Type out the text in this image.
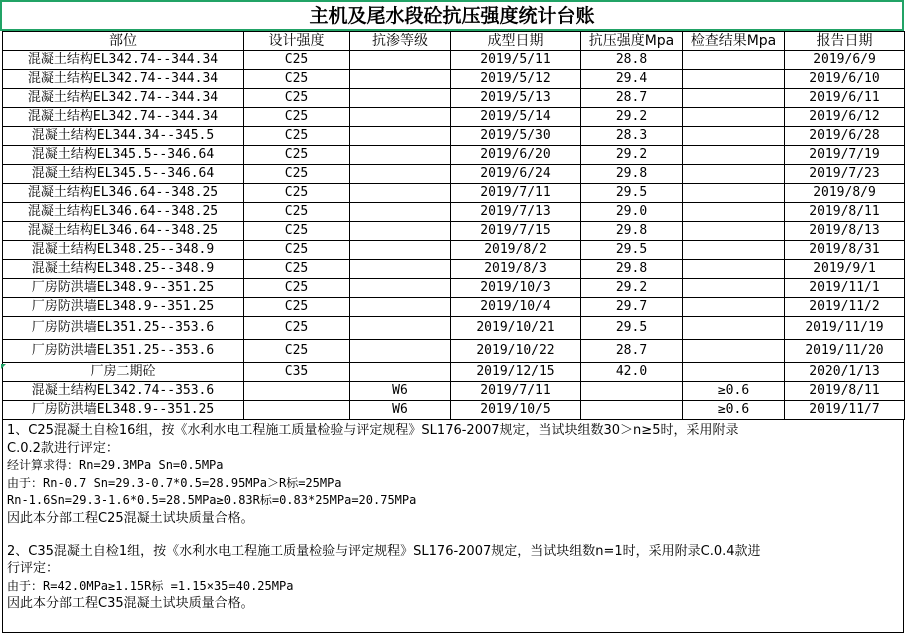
主机及尾水段砼抗压强度统计台账
部位	设计强度	抗渗等级	成型日期	抗压强度Mpa	检查结果Mpa	报告日期
混凝土结构EL342.74--344.34	C25		2019/5/11	28.8		2019/6/9
混凝土结构EL342.74--344.34	C25		2019/5/12	29.4		2019/6/10
混凝土结构EL342.74--344.34	C25		2019/5/13	28.7		2019/6/11
混凝土结构EL342.74--344.34	C25		2019/5/14	29.2		2019/6/12
混凝土结构EL344.34--345.5	C25		2019/5/30	28.3		2019/6/28
混凝土结构EL345.5--346.64	C25		2019/6/20	29.2		2019/7/19
混凝土结构EL345.5--346.64	C25		2019/6/24	29.8		2019/7/23
混凝土结构EL346.64--348.25	C25		2019/7/11	29.5		2019/8/9
混凝土结构EL346.64--348.25	C25		2019/7/13	29.0		2019/8/11
混凝土结构EL346.64--348.25	C25		2019/7/15	29.8		2019/8/13
混凝土结构EL348.25--348.9	C25		2019/8/2	29.5		2019/8/31
混凝土结构EL348.25--348.9	C25		2019/8/3	29.8		2019/9/1
厂房防洪墙EL348.9--351.25	C25		2019/10/3	29.2		2019/11/1
厂房防洪墙EL348.9--351.25	C25		2019/10/4	29.7		2019/11/2
厂房防洪墙EL351.25--353.6	C25		2019/10/21	29.5		2019/11/19
厂房防洪墙EL351.25--353.6	C25		2019/10/22	28.7		2019/11/20
厂房二期砼	C35		2019/12/15	42.0		2020/1/13
混凝土结构EL342.74--353.6		W6	2019/7/11		≥0.6	2019/8/11
厂房防洪墙EL348.9--351.25		W6	2019/10/5		≥0.6	2019/11/7

1、C25混凝土自检16组，按《水利水电工程施工质量检验与评定规程》SL176-2007规定，当试块组数30＞n≥5时，采用附录

C.0.2款进行评定：

经计算求得：Rn=29.3MPa Sn=0.5MPa

由于：Rn-0.7 Sn=29.3-0.7*0.5=28.95MPa＞R标=25MPa

Rn-1.6Sn=29.3-1.6*0.5=28.5MPa≥0.83R标=0.83*25MPa=20.75MPa

因此本分部工程C25混凝土试块质量合格。

2、C35混凝土自检1组，按《水利水电工程施工质量检验与评定规程》SL176-2007规定，当试块组数n=1时，采用附录C.0.4款进

行评定：

由于：R=42.0MPa≥1.15R标 =1.15×35=40.25MPa

因此本分部工程C35混凝土试块质量合格。
